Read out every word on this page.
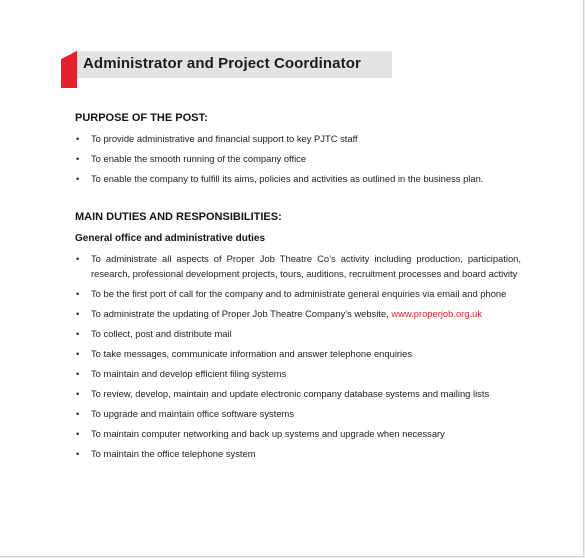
Administrator and Project Coordinator
PURPOSE OF THE POST:
• To provide administrative and financial support to key PJTC staff
• To enable the smooth running of the company office
• To enable the company to fulfill its aims, policies and activities as outlined in the business plan.
MAIN DUTIES AND RESPONSIBILITIES:
General office and administrative duties
• To administrate all aspects of Proper Job Theatre Co’s activity including production, participation, research, professional development projects, tours, auditions, recruitment processes and board activity
• To be the first port of call for the company and to administrate general enquiries via email and phone
• To administrate the updating of Proper Job Theatre Company’s website, www.properjob.org.uk
• To collect, post and distribute mail
• To take messages, communicate information and answer telephone enquiries
• To maintain and develop efficient filing systems
• To review, develop, maintain and update electronic company database systems and mailing lists
• To upgrade and maintain office software systems
• To maintain computer networking and back up systems and upgrade when necessary
• To maintain the office telephone system
